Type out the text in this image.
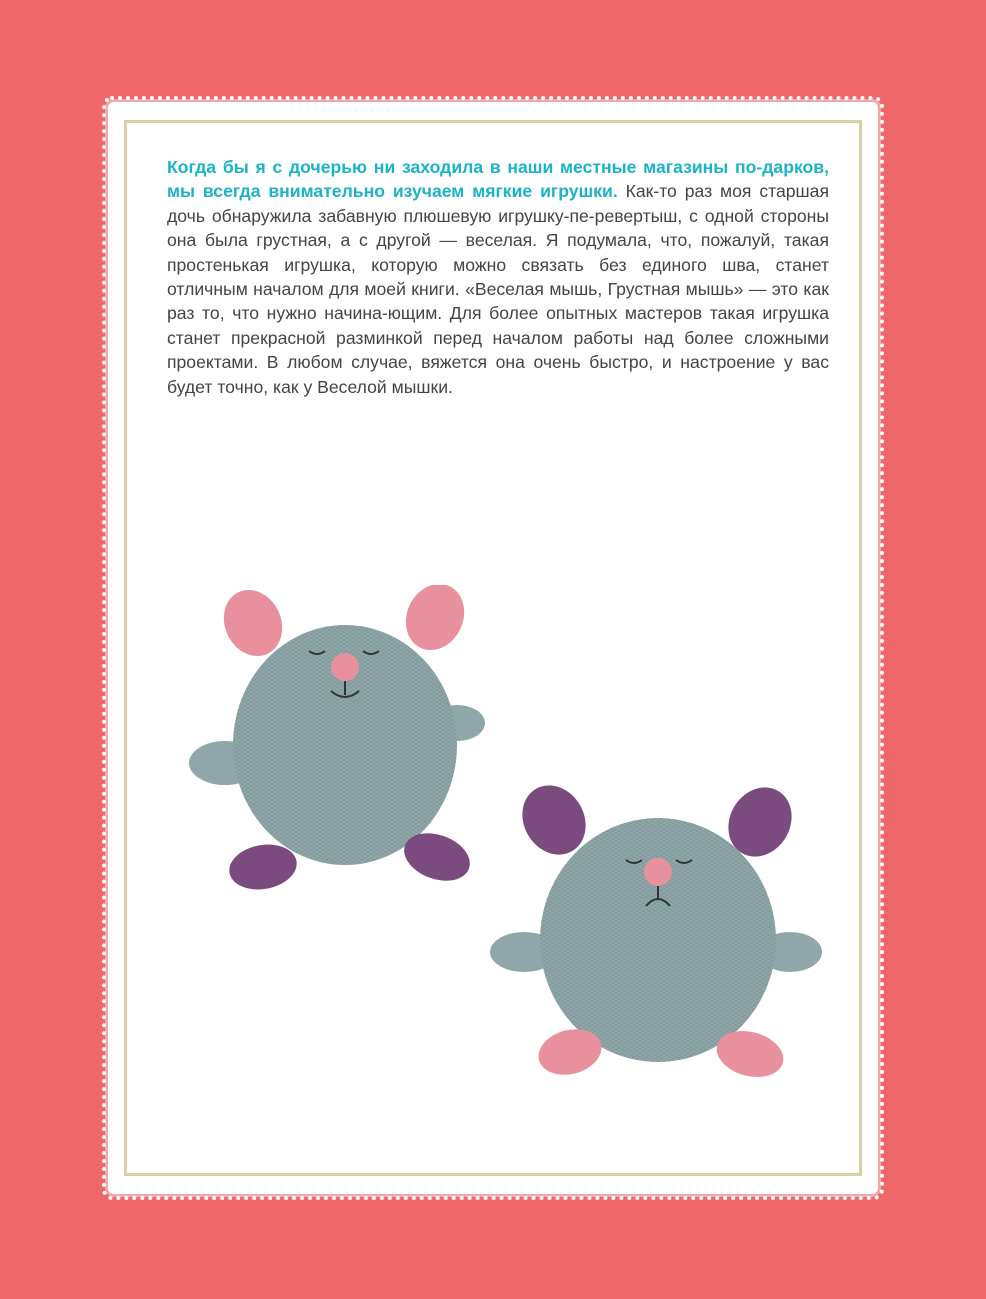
Когда бы я с дочерью ни заходила в наши местные магазины по-дарков, мы всегда внимательно изучаем мягкие игрушки. Как-то раз моя старшая дочь обнаружила забавную плюшевую игрушку-пе-ревертыш, с одной стороны она была грустная, а с другой — веселая. Я подумала, что, пожалуй, такая простенькая игрушка, которую можно связать без единого шва, станет отличным началом для моей книги. «Веселая мышь, Грустная мышь» — это как раз то, что нужно начина-ющим. Для более опытных мастеров такая игрушка станет прекрасной разминкой перед началом работы над более сложными проектами. В любом случае, вяжется она очень быстро, и настроение у вас будет точно, как у Веселой мышки.
